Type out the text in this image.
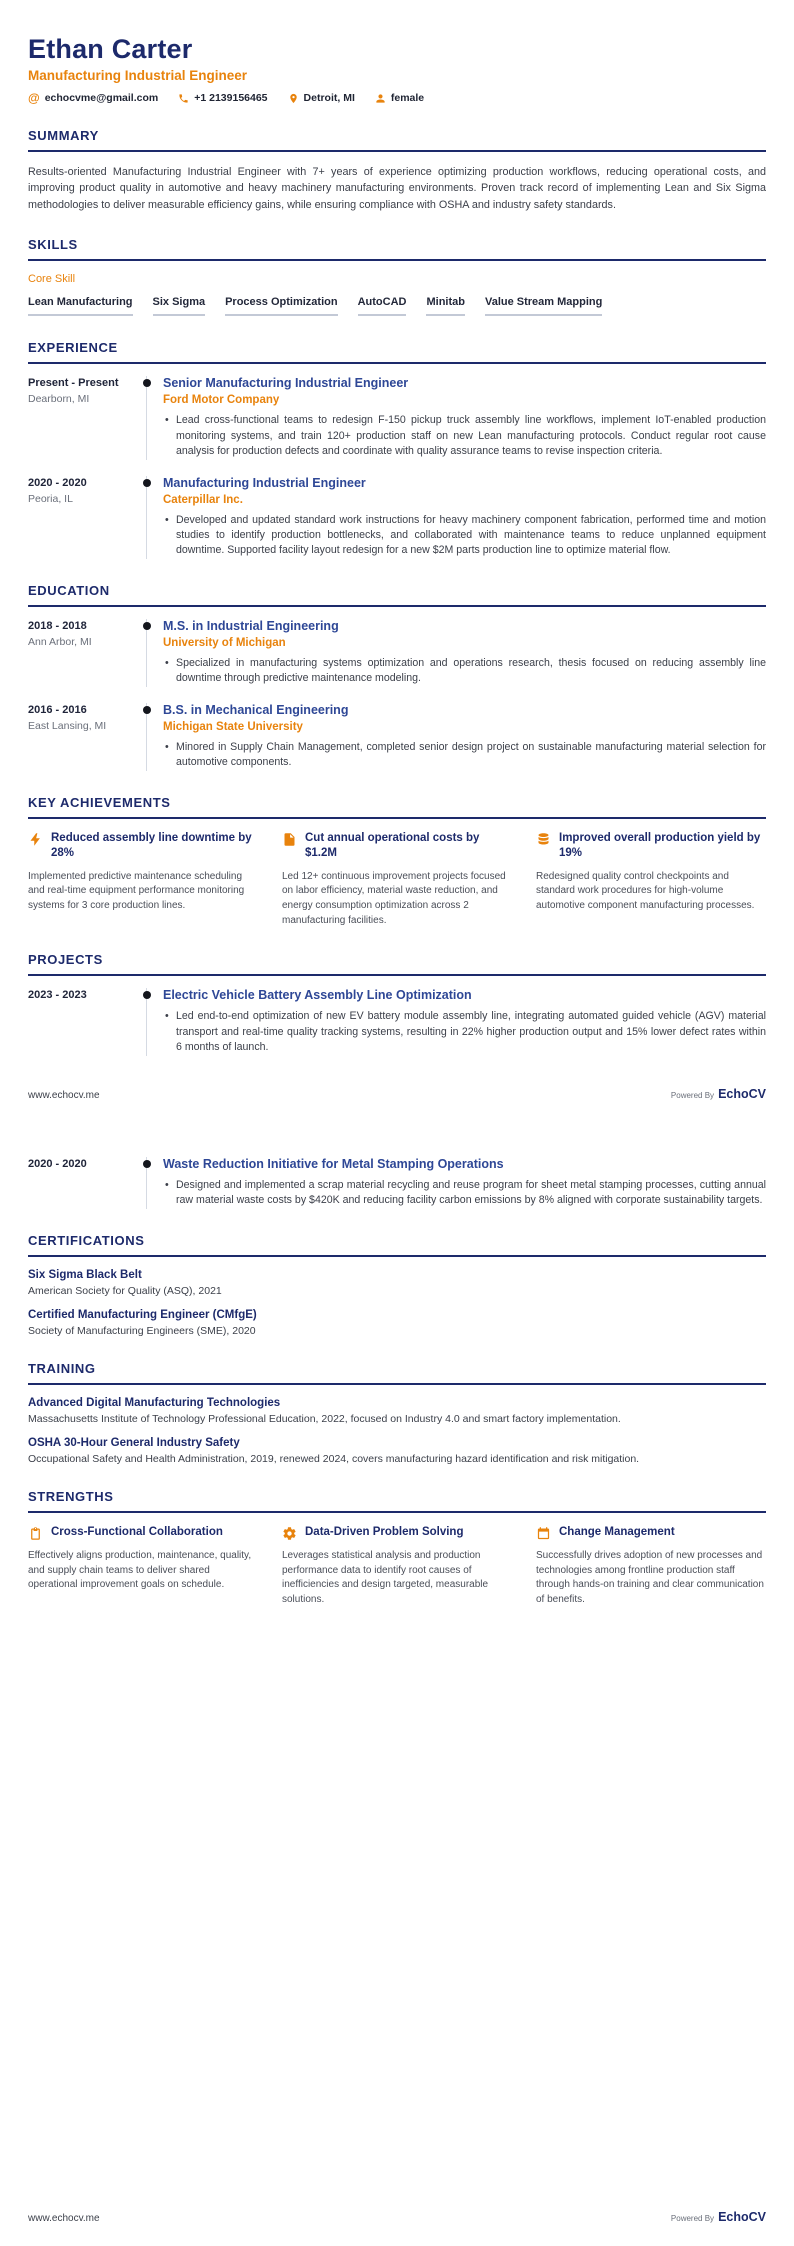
Ethan Carter
Manufacturing Industrial Engineer
@ echocvme@gmail.com	+1 2139156465	Detroit, MI	female
SUMMARY

Results-oriented Manufacturing Industrial Engineer with 7+ years of experience optimizing production workflows, reducing operational costs, and improving product quality in automotive and heavy machinery manufacturing environments. Proven track record of implementing Lean and Six Sigma methodologies to deliver measurable efficiency gains, while ensuring compliance with OSHA and industry safety standards.

SKILLS
Core Skill
Lean Manufacturing Six Sigma Process Optimization AutoCAD Minitab Value Stream Mapping
EXPERIENCE
Present - Present
Dearborn, MI
Senior Manufacturing Industrial Engineer
Ford Motor Company
• Lead cross-functional teams to redesign F-150 pickup truck assembly line workflows, implement IoT-enabled production monitoring systems, and train 120+ production staff on new Lean manufacturing protocols. Conduct regular root cause analysis for production defects and coordinate with quality assurance teams to revise inspection criteria.
2020 - 2020
Peoria, IL
Manufacturing Industrial Engineer
Caterpillar Inc.
• Developed and updated standard work instructions for heavy machinery component fabrication, performed time and motion studies to identify production bottlenecks, and collaborated with maintenance teams to reduce unplanned equipment downtime. Supported facility layout redesign for a new $2M parts production line to optimize material flow.
EDUCATION
2018 - 2018
Ann Arbor, MI
M.S. in Industrial Engineering
University of Michigan
• Specialized in manufacturing systems optimization and operations research, thesis focused on reducing assembly line downtime through predictive maintenance modeling.
2016 - 2016
East Lansing, MI
B.S. in Mechanical Engineering
Michigan State University
• Minored in Supply Chain Management, completed senior design project on sustainable manufacturing material selection for automotive components.
KEY ACHIEVEMENTS
Reduced assembly line downtime by 28%
Implemented predictive maintenance scheduling and real-time equipment performance monitoring systems for 3 core production lines.
Cut annual operational costs by $1.2M
Led 12+ continuous improvement projects focused on labor efficiency, material waste reduction, and energy consumption optimization across 2 manufacturing facilities.
Improved overall production yield by 19%
Redesigned quality control checkpoints and standard work procedures for high-volume automotive component manufacturing processes.
PROJECTS
2023 - 2023	Electric Vehicle Battery Assembly Line Optimization
• Led end-to-end optimization of new EV battery module assembly line, integrating automated guided vehicle (AGV) material transport and real-time quality tracking systems, resulting in 22% higher production output and 15% lower defect rates within 6 months of launch.
www.echocv.me	Powered By EchoCV
2020 - 2020	Waste Reduction Initiative for Metal Stamping Operations
• Designed and implemented a scrap material recycling and reuse program for sheet metal stamping processes, cutting annual raw material waste costs by $420K and reducing facility carbon emissions by 8% aligned with corporate sustainability targets.
CERTIFICATIONS
Six Sigma Black Belt
American Society for Quality (ASQ), 2021
Certified Manufacturing Engineer (CMfgE)
Society of Manufacturing Engineers (SME), 2020
TRAINING
Advanced Digital Manufacturing Technologies
Massachusetts Institute of Technology Professional Education, 2022, focused on Industry 4.0 and smart factory implementation.
OSHA 30-Hour General Industry Safety
Occupational Safety and Health Administration, 2019, renewed 2024, covers manufacturing hazard identification and risk mitigation.
STRENGTHS
Cross-Functional Collaboration
Effectively aligns production, maintenance, quality, and supply chain teams to deliver shared operational improvement goals on schedule.
Data-Driven Problem Solving
Leverages statistical analysis and production performance data to identify root causes of inefficiencies and design targeted, measurable solutions.
Change Management
Successfully drives adoption of new processes and technologies among frontline production staff through hands-on training and clear communication of benefits.
www.echocv.me	Powered By EchoCV
